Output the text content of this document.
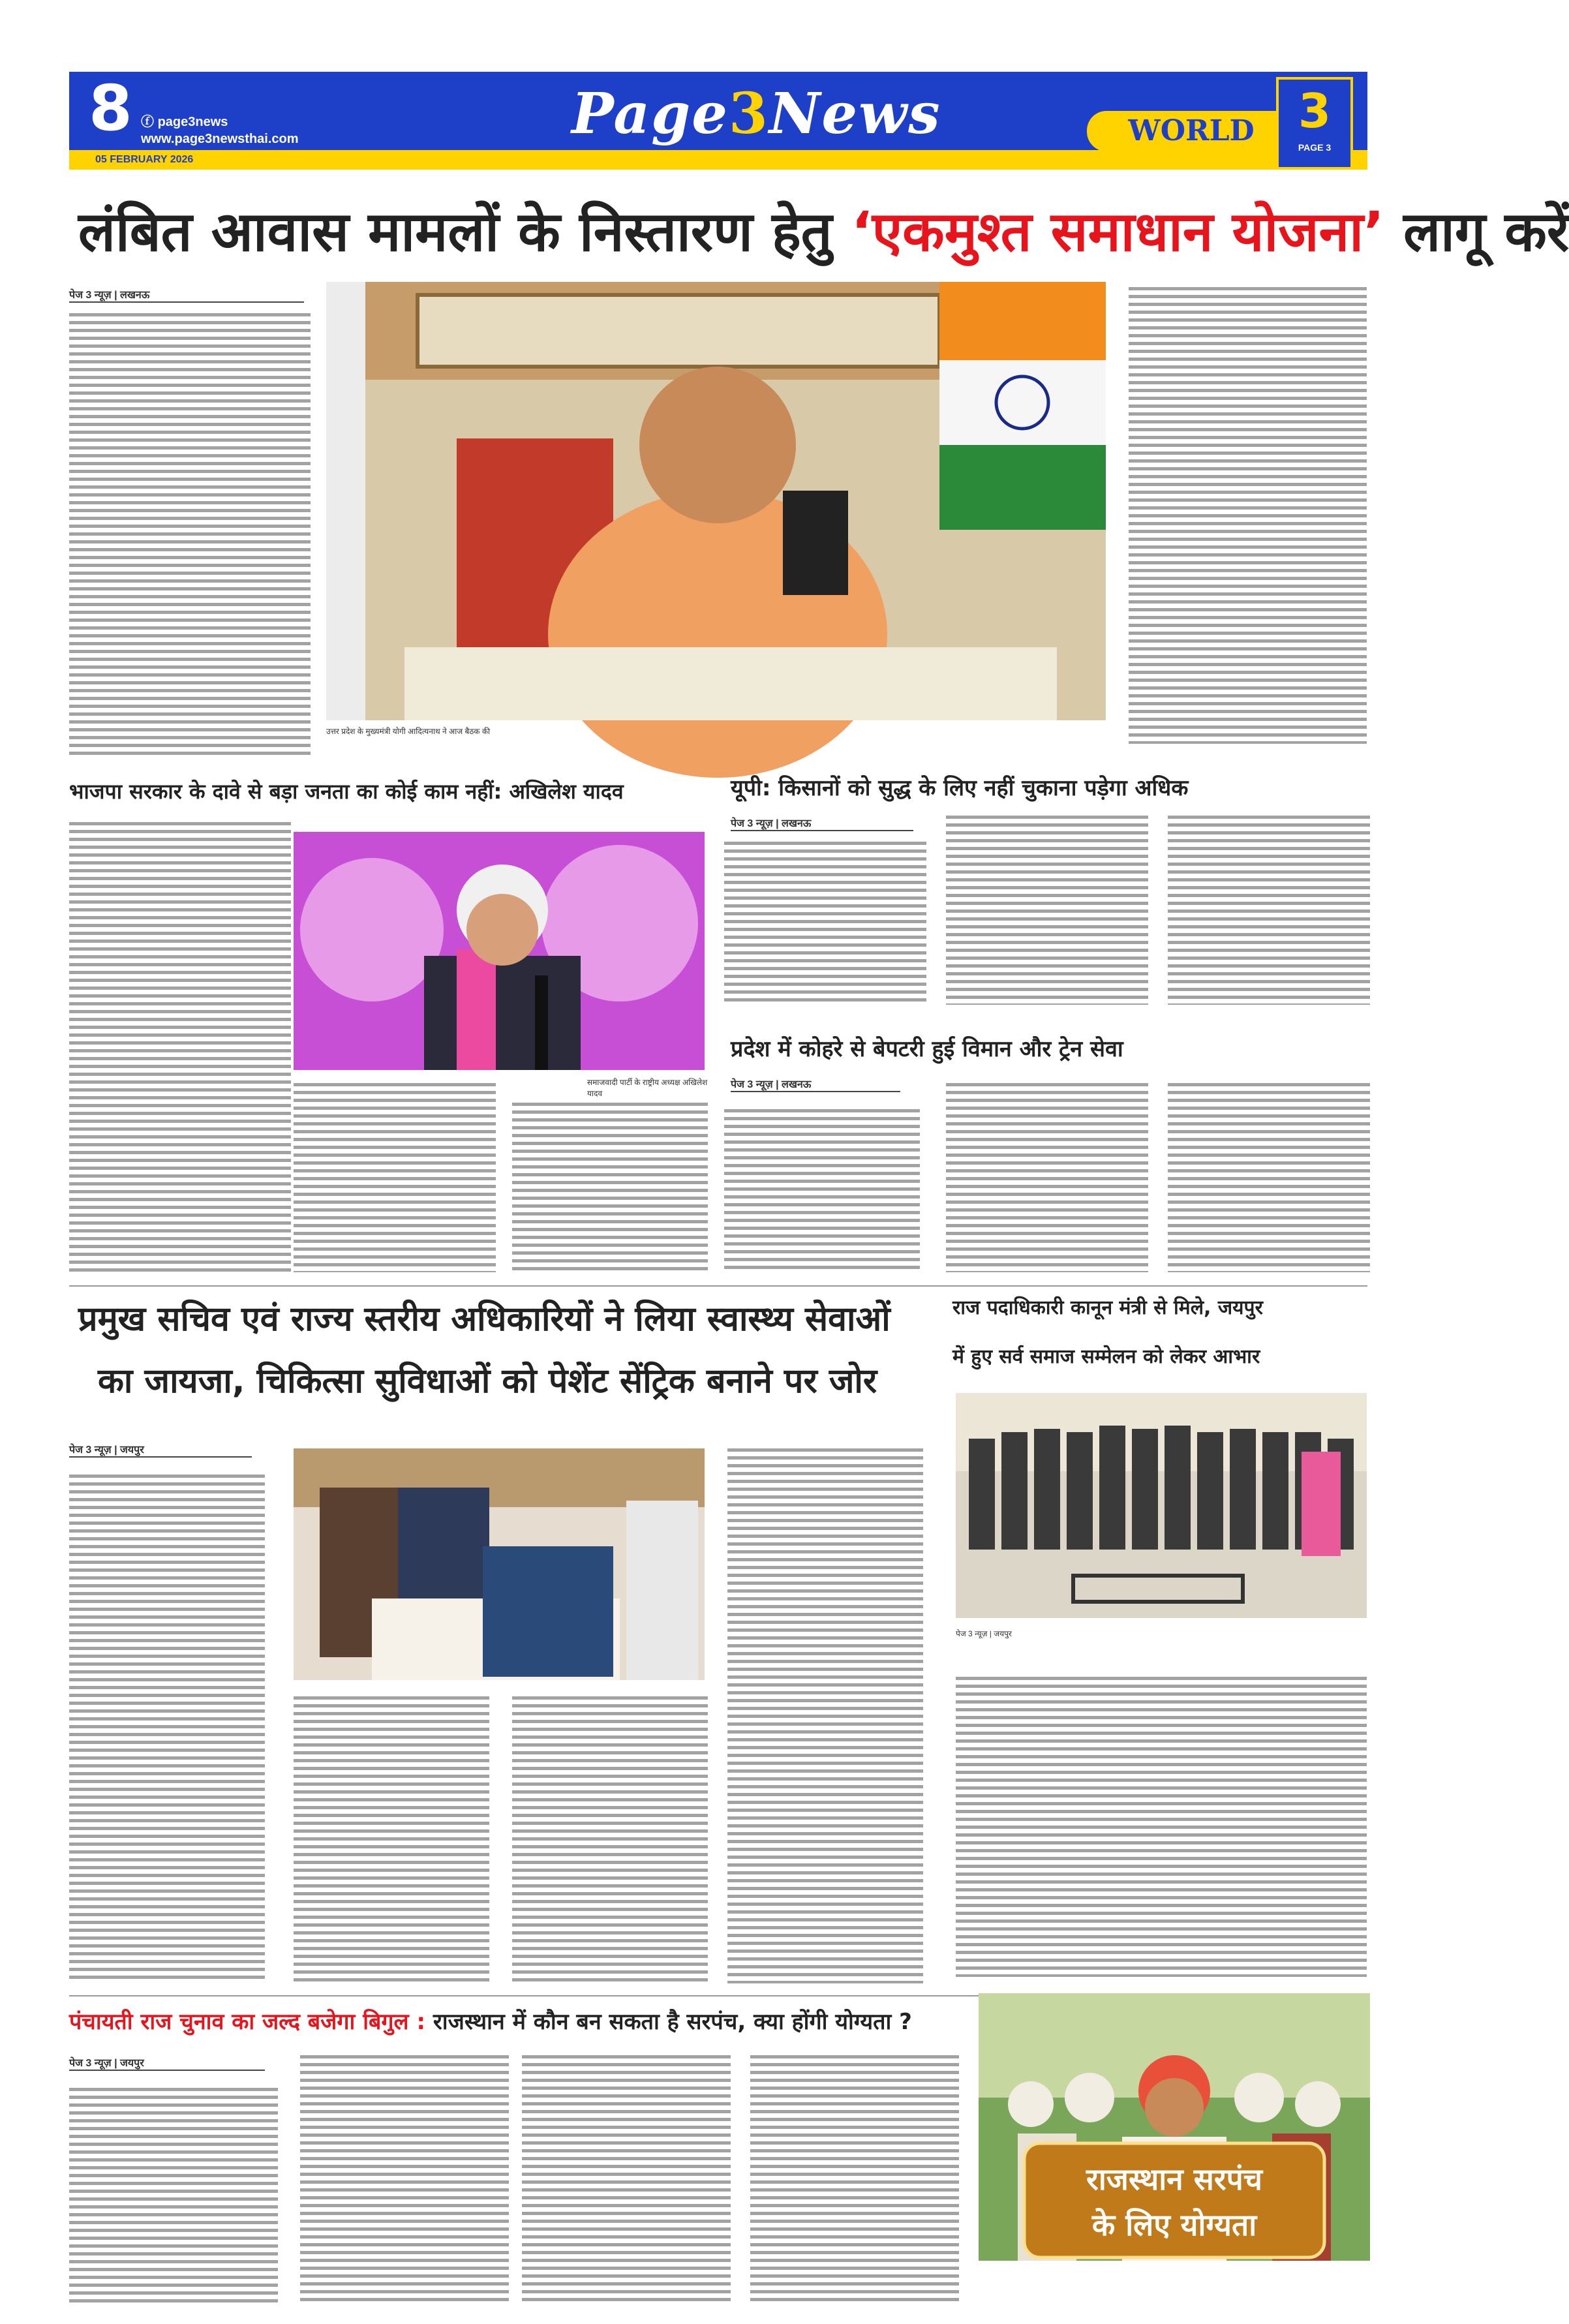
8 ⓕ page3news
www.page3newsthai.com
05 FEBRUARY 2026
Page3News	WORLD 3
PAGE 3
लंबित आवास मामलों के निस्तारण हेतु ‘एकमुश्त समाधान योजना’ लागू करें
पेज 3 न्यूज़ | लखनऊ
उत्तर प्रदेश के मुख्यमंत्री योगी आदित्यनाथ ने आज बैठक की
भाजपा सरकार के दावे से बड़ा जनता का कोई काम नहीं: अखिलेश यादव	यूपी: किसानों को सुद्ध के लिए नहीं चुकाना पड़ेगा अधिक
पेज 3 न्यूज़ | लखनऊ
समाजवादी पार्टी के राष्ट्रीय अध्यक्ष अखिलेश यादव
प्रदेश में कोहरे से बेपटरी हुई विमान और ट्रेन सेवा
पेज 3 न्यूज़ | लखनऊ
प्रमुख सचिव एवं राज्य स्तरीय अधिकारियों ने लिया स्वास्थ्य सेवाओं
का जायजा, चिकित्सा सुविधाओं को पेशेंट सेंट्रिक बनाने पर जोर
पेज 3 न्यूज़ | जयपुर
राज पदाधिकारी कानून मंत्री से मिले, जयपुर
में हुए सर्व समाज सम्मेलन को लेकर आभार
पेज 3 न्यूज़ | जयपुर
पंचायती राज चुनाव का जल्द बजेगा बिगुल : राजस्थान में कौन बन सकता है सरपंच, क्या होंगी योग्यता ?
पेज 3 न्यूज़ | जयपुर
राजस्थान सरपंच
के लिए योग्यता
